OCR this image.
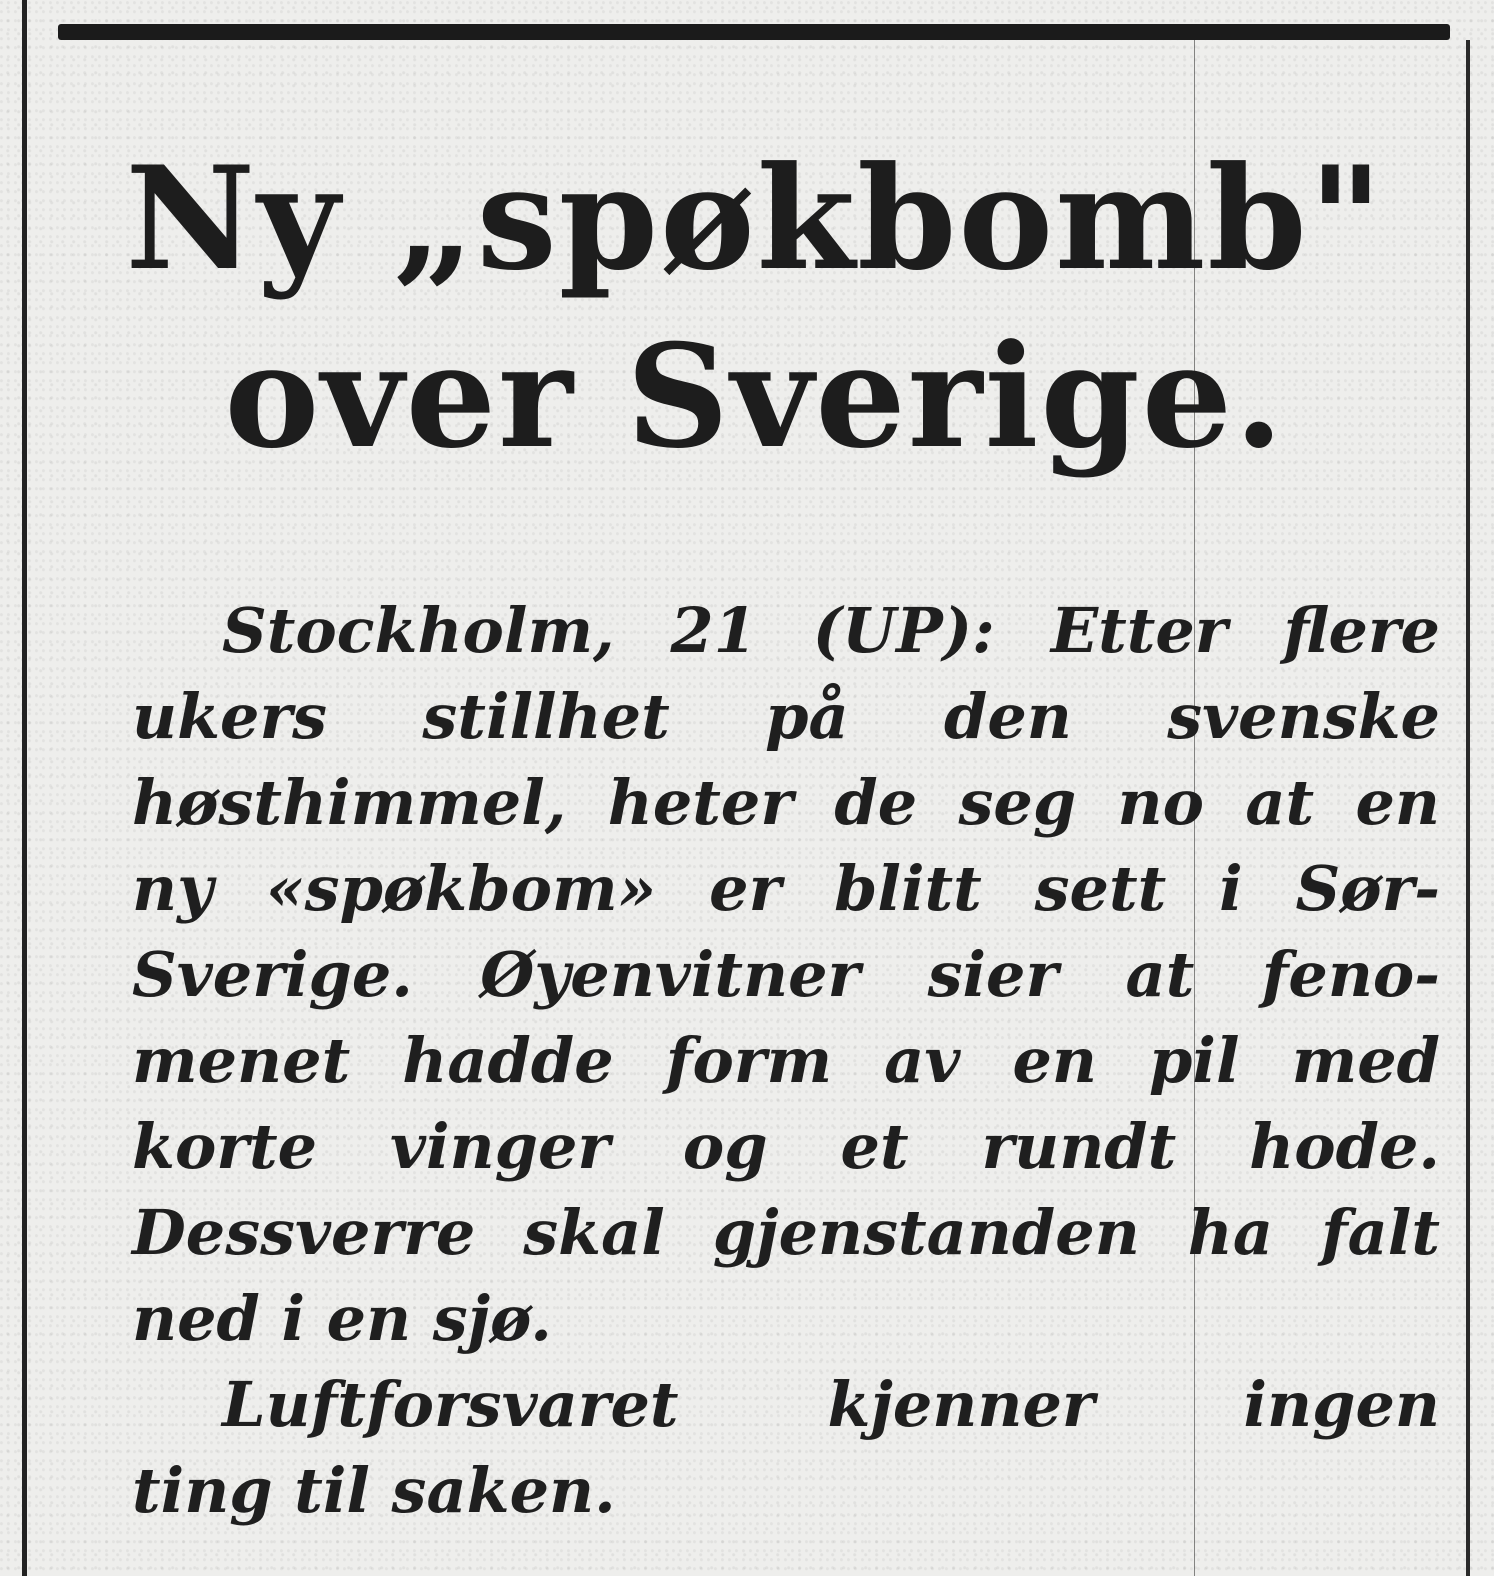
Ny „spøkbomb"
over Sverige.

Stockholm, 21 (UP): Etter flere
ukers stillhet på den svenske
høsthimmel, heter de seg no at en
ny «spøkbom» er blitt sett i Sør-
Sverige. Øyenvitner sier at feno-
menet hadde form av en pil med
korte vinger og et rundt hode.
Dessverre skal gjenstanden ha falt
ned i en sjø.

Luftforsvaret kjenner ingen
ting til saken.
